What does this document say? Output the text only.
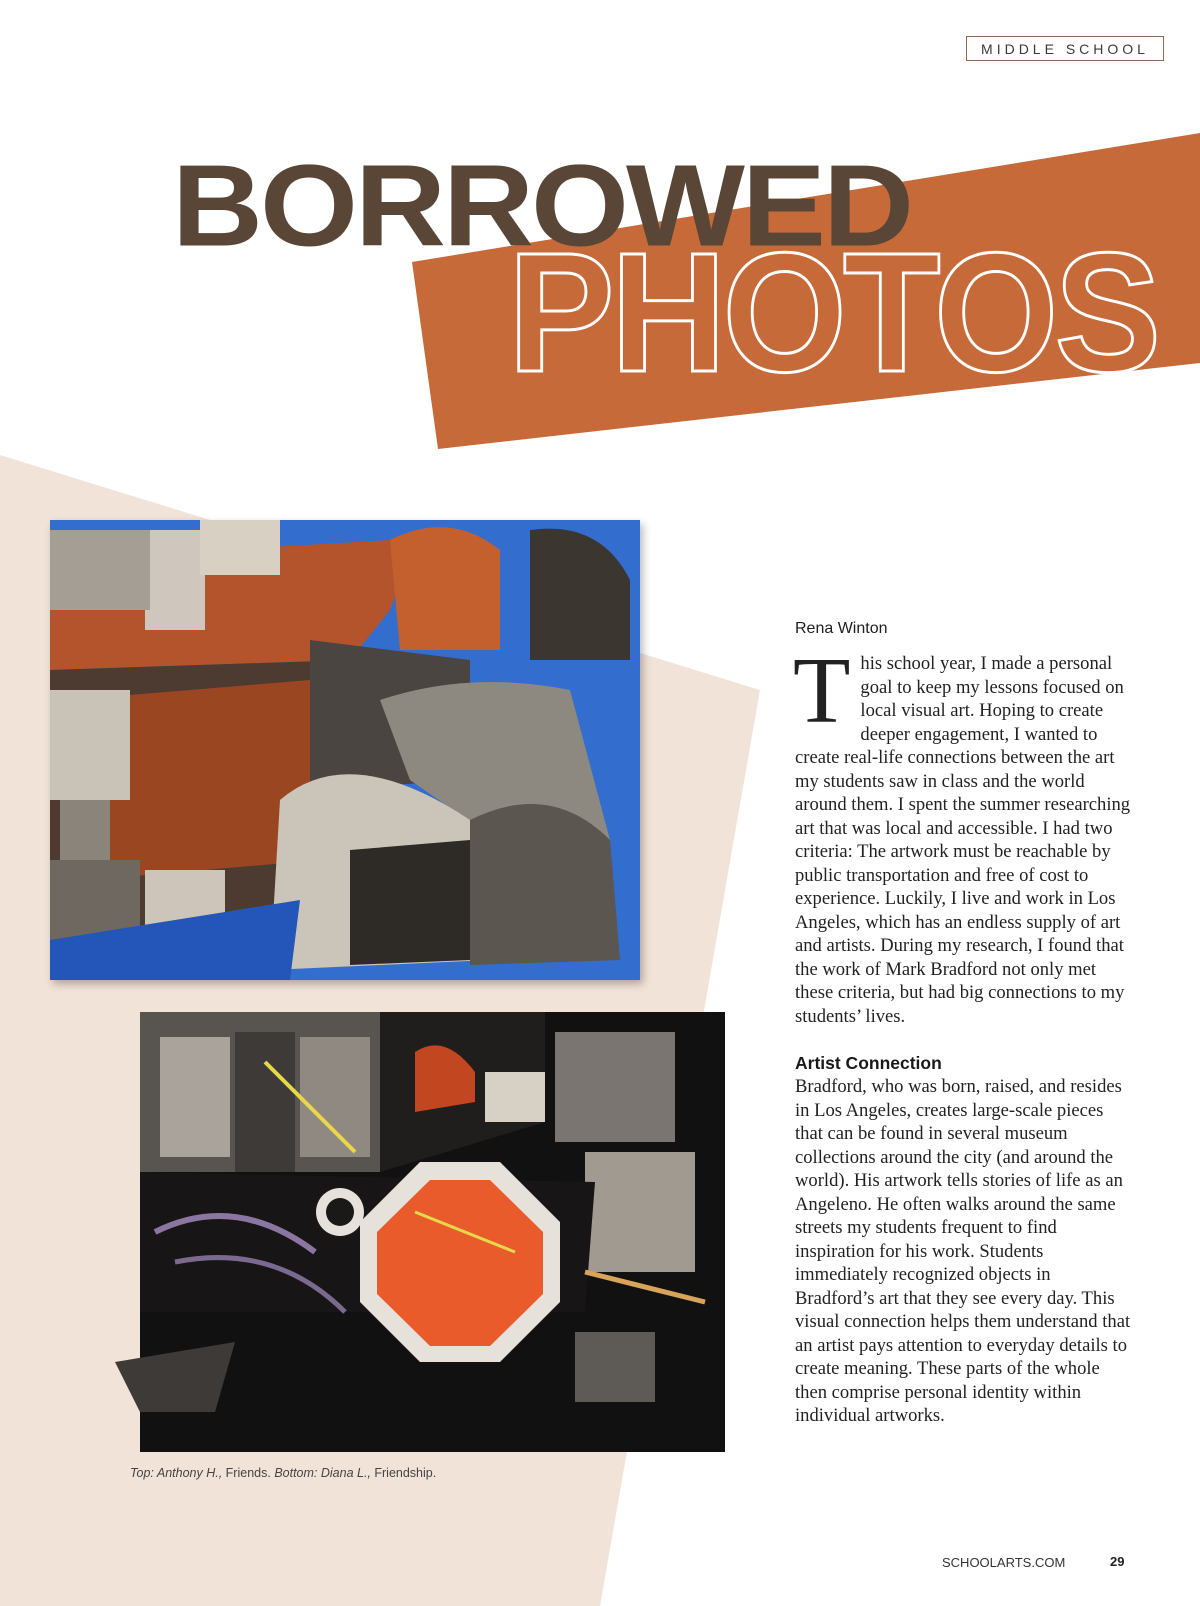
MIDDLE SCHOOL
BORROWED
PHOTOS
Top: Anthony H., Friends. Bottom: Diana L., Friendship.
Rena Winton

This school year, I made a personal goal to keep my lessons focused on local visual art. Hoping to create deeper engagement, I wanted to create real-life connections between the art my students saw in class and the world around them. I spent the summer researching art that was local and accessible. I had two criteria: The artwork must be reachable by public transportation and free of cost to experience. Luckily, I live and work in Los Angeles, which has an endless supply of art and artists. During my research, I found that the work of Mark Bradford not only met these criteria, but had big connections to my students’ lives.

Artist Connection

Bradford, who was born, raised, and resides in Los Angeles, creates large-scale pieces that can be found in several museum collections around the city (and around the world). His artwork tells stories of life as an Angeleno. He often walks around the same streets my students frequent to find inspiration for his work. Students immediately recognized objects in Bradford’s art that they see every day. This visual connection helps them understand that an artist pays attention to everyday details to create meaning. These parts of the whole then comprise personal identity within individual artworks.

SCHOOLARTS.COM	29
